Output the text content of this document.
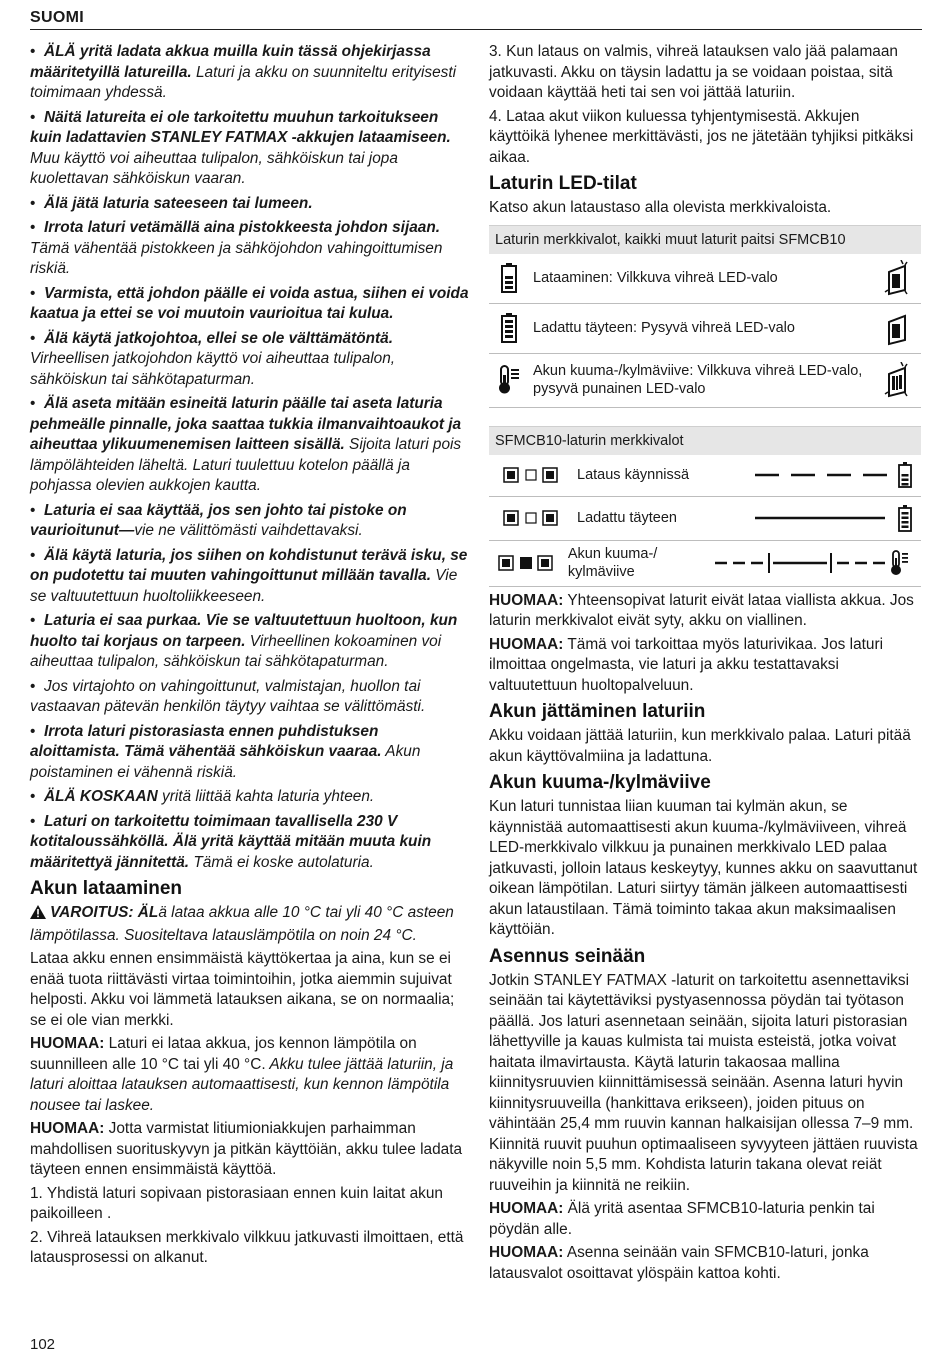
SUOMI

• ÄLÄ yritä ladata akkua muilla kuin tässä ohjekirjassa määritetyillä latureilla. Laturi ja akku on suunniteltu erityisesti toimimaan yhdessä.

• Näitä latureita ei ole tarkoitettu muuhun tarkoitukseen kuin ladattavien STANLEY FATMAX -akkujen lataamiseen. Muu käyttö voi aiheuttaa tulipalon, sähköiskun tai jopa kuolettavan sähköiskun vaaran.

• Älä jätä laturia sateeseen tai lumeen.

• Irrota laturi vetämällä aina pistokkeesta johdon sijaan. Tämä vähentää pistokkeen ja sähköjohdon vahingoittumisen riskiä.

• Varmista, että johdon päälle ei voida astua, siihen ei voida kaatua ja ettei se voi muutoin vaurioitua tai kulua.

• Älä käytä jatkojohtoa, ellei se ole välttämätöntä. Virheellisen jatkojohdon käyttö voi aiheuttaa tulipalon, sähköiskun tai sähkötapaturman.

• Älä aseta mitään esineitä laturin päälle tai aseta laturia pehmeälle pinnalle, joka saattaa tukkia ilmanvaihtoaukot ja aiheuttaa ylikuumenemisen laitteen sisällä. Sijoita laturi pois lämpölähteiden läheltä. Laturi tuulettuu kotelon päällä ja pohjassa olevien aukkojen kautta.

• Laturia ei saa käyttää, jos sen johto tai pistoke on vaurioitunut—vie ne välittömästi vaihdettavaksi.

• Älä käytä laturia, jos siihen on kohdistunut terävä isku, se on pudotettu tai muuten vahingoittunut millään tavalla. Vie se valtuutettuun huoltoliikkeeseen.

• Laturia ei saa purkaa. Vie se valtuutettuun huoltoon, kun huolto tai korjaus on tarpeen. Virheellinen kokoaminen voi aiheuttaa tulipalon, sähköiskun tai sähkötapaturman.

• Jos virtajohto on vahingoittunut, valmistajan, huollon tai vastaavan pätevän henkilön täytyy vaihtaa se välittömästi.

• Irrota laturi pistorasiasta ennen puhdistuksen aloittamista. Tämä vähentää sähköiskun vaaraa. Akun poistaminen ei vähennä riskiä.

• ÄLÄ KOSKAAN yritä liittää kahta laturia yhteen.

• Laturi on tarkoitettu toimimaan tavallisella 230 V kotitaloussähköllä. Älä yritä käyttää mitään muuta kuin määritettyä jännitettä. Tämä ei koske autolaturia.

Akun lataaminen

VAROITUS: ÄLä lataa akkua alle 10 °C tai yli 40 °C asteen lämpötilassa. Suositeltava latauslämpötila on noin 24 °C.

Lataa akku ennen ensimmäistä käyttökertaa ja aina, kun se ei enää tuota riittävästi virtaa toimintoihin, jotka aiemmin sujuivat helposti. Akku voi lämmetä latauksen aikana, se on normaalia; se ei ole vian merkki.

HUOMAA: Laturi ei lataa akkua, jos kennon lämpötila on suunnilleen alle 10 °C tai yli 40 °C. Akku tulee jättää laturiin, ja laturi aloittaa latauksen automaattisesti, kun kennon lämpötila nousee tai laskee.

HUOMAA: Jotta varmistat litiumioniakkujen parhaimman mahdollisen suorituskyvyn ja pitkän käyttöiän, akku tulee ladata täyteen ennen ensimmäistä käyttöä.

1. Yhdistä laturi sopivaan pistorasiaan ennen kuin laitat akun paikoilleen .

2. Vihreä latauksen merkkivalo vilkkuu jatkuvasti ilmoittaen, että latausprosessi on alkanut.

3. Kun lataus on valmis, vihreä latauksen valo jää palamaan jatkuvasti. Akku on täysin ladattu ja se voidaan poistaa, sitä voidaan käyttää heti tai sen voi jättää laturiin.

4. Lataa akut viikon kuluessa tyhjentymisestä. Akkujen käyttöikä lyhenee merkittävästi, jos ne jätetään tyhjiksi pitkäksi aikaa.

Laturin LED-tilat

Katso akun lataustaso alla olevista merkkivaloista.

Laturin merkkivalot, kaikki muut laturit paitsi SFMCB10
Lataaminen: Vilkkuva vihreä LED-valo
Ladattu täyteen: Pysyvä vihreä LED-valo
Akun kuuma-/kylmäviive: Vilkkuva vihreä LED-valo, pysyvä punainen LED-valo
SFMCB10-laturin merkkivalot
Lataus käynnissä
Ladattu täyteen
Akun kuuma-/ kylmäviive

HUOMAA: Yhteensopivat laturit eivät lataa viallista akkua. Jos laturin merkkivalot eivät syty, akku on viallinen.

HUOMAA: Tämä voi tarkoittaa myös laturivikaa. Jos laturi ilmoittaa ongelmasta, vie laturi ja akku testattavaksi valtuutettuun huoltopalveluun.

Akun jättäminen laturiin

Akku voidaan jättää laturiin, kun merkkivalo palaa. Laturi pitää akun käyttövalmiina ja ladattuna.

Akun kuuma-/kylmäviive

Kun laturi tunnistaa liian kuuman tai kylmän akun, se käynnistää automaattisesti akun kuuma-/kylmäviiveen, vihreä LED-merkkivalo vilkkuu ja punainen merkkivalo LED palaa jatkuvasti, jolloin lataus keskeytyy, kunnes akku on saavuttanut oikean lämpötilan. Laturi siirtyy tämän jälkeen automaattisesti akun lataustilaan. Tämä toiminto takaa akun maksimaalisen käyttöiän.

Asennus seinään

Jotkin STANLEY FATMAX -laturit on tarkoitettu asennettaviksi seinään tai käytettäviksi pystyasennossa pöydän tai työtason päällä. Jos laturi asennetaan seinään, sijoita laturi pistorasian lähettyville ja kauas kulmista tai muista esteistä, jotka voivat haitata ilmavirtausta. Käytä laturin takaosaa mallina kiinnitysruuvien kiinnittämisessä seinään. Asenna laturi hyvin kiinnitysruuveilla (hankittava erikseen), joiden pituus on vähintään 25,4 mm ruuvin kannan halkaisijan ollessa 7–9 mm. Kiinnitä ruuvit puuhun optimaaliseen syvyyteen jättäen ruuvista näkyville noin 5,5 mm. Kohdista laturin takana olevat reiät ruuveihin ja kiinnitä ne reikiin.

HUOMAA: Älä yritä asentaa SFMCB10-laturia penkin tai pöydän alle.

HUOMAA: Asenna seinään vain SFMCB10-laturi, jonka latausvalot osoittavat ylöspäin kattoa kohti.

102
